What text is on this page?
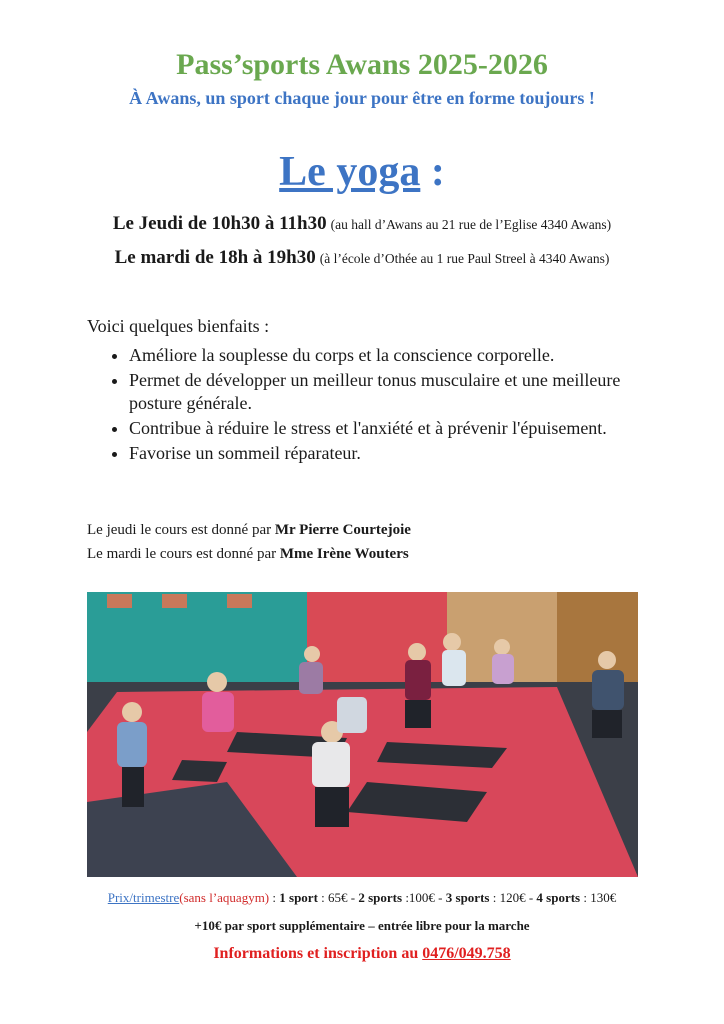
Pass’sports Awans 2025-2026
À Awans, un sport chaque jour pour être en forme toujours !
Le yoga :
Le Jeudi de 10h30 à 11h30 (au hall d’Awans au 21 rue de l’Eglise 4340 Awans)
Le mardi de 18h à 19h30 (à l’école d’Othée au 1 rue Paul Streel à 4340 Awans)
Voici quelques bienfaits :
• Améliore la souplesse du corps et la conscience corporelle.
• Permet de développer un meilleur tonus musculaire et une meilleure posture générale.
• Contribue à réduire le stress et l'anxiété et à prévenir l'épuisement.
• Favorise un sommeil réparateur.
Le jeudi le cours est donné par Mr Pierre Courtejoie
Le mardi le cours est donné par Mme Irène Wouters
Prix/trimestre(sans l’aquagym) : 1 sport : 65€ - 2 sports :100€ - 3 sports : 120€ - 4 sports : 130€
+10€ par sport supplémentaire – entrée libre pour la marche
Informations et inscription au 0476/049.758
